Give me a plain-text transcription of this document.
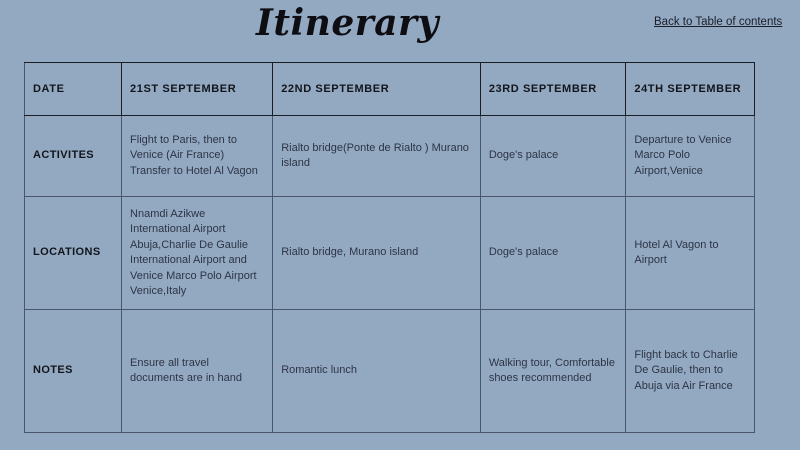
Itinerary	Back to Table of contents
DATE	21ST SEPTEMBER	22ND SEPTEMBER	23RD SEPTEMBER	24TH SEPTEMBER
ACTIVITES	Flight to Paris, then to Venice (Air France) Transfer to Hotel Al Vagon	Rialto bridge(Ponte de Rialto ) Murano island	Doge's palace	Departure to Venice Marco Polo Airport,Venice
LOCATIONS	Nnamdi Azikwe International Airport Abuja,Charlie De Gaulie International Airport and Venice Marco Polo Airport Venice,Italy	Rialto bridge, Murano island	Doge's palace	Hotel Al Vagon to Airport
NOTES	Ensure all travel documents are in hand	Romantic lunch	Walking tour, Comfortable shoes recommended	Flight back to Charlie De Gaulie, then to Abuja via Air France
